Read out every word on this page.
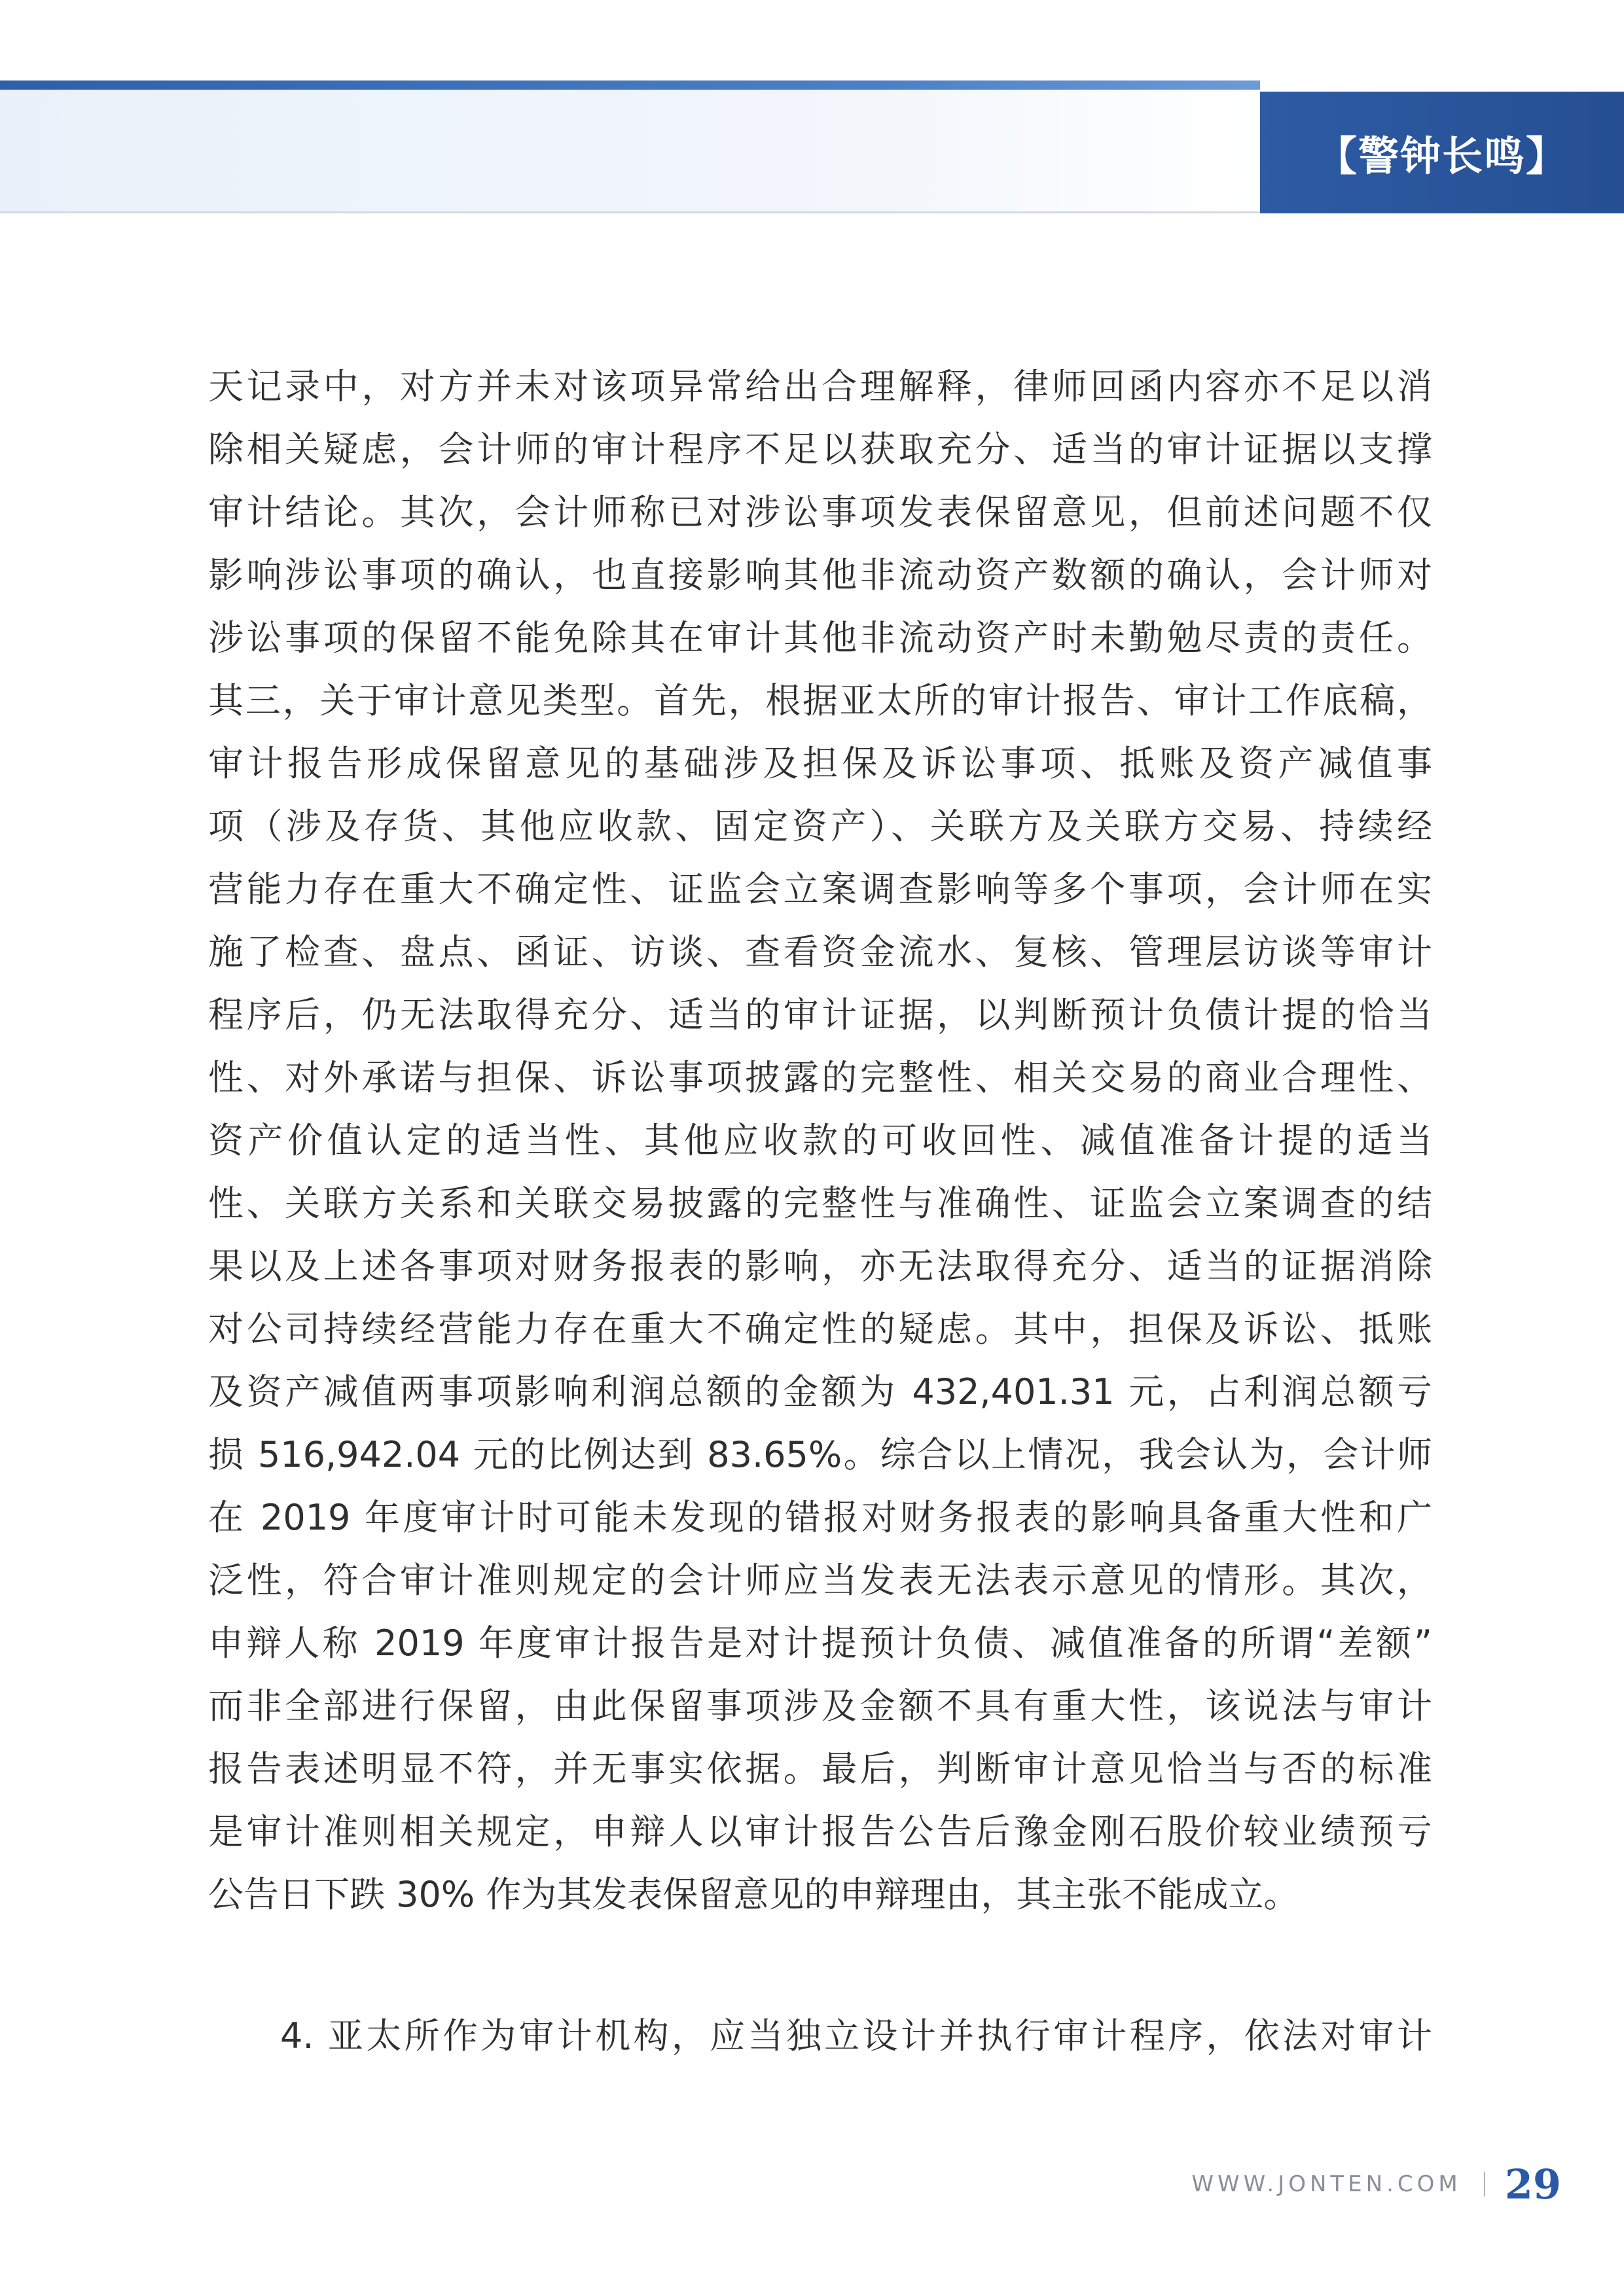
【警钟长鸣】
天记录中，对方并未对该项异常给出合理解释，律师回函内容亦不足以消
除相关疑虑，会计师的审计程序不足以获取充分、适当的审计证据以支撑
审计结论。其次，会计师称已对涉讼事项发表保留意见，但前述问题不仅
影响涉讼事项的确认，也直接影响其他非流动资产数额的确认，会计师对
涉讼事项的保留不能免除其在审计其他非流动资产时未勤勉尽责的责任。
其三，关于审计意见类型。首先，根据亚太所的审计报告、审计工作底稿，
审计报告形成保留意见的基础涉及担保及诉讼事项、抵账及资产减值事
项（涉及存货、其他应收款、固定资产）、关联方及关联方交易、持续经
营能力存在重大不确定性、证监会立案调查影响等多个事项，会计师在实
施了检查、盘点、函证、访谈、查看资金流水、复核、管理层访谈等审计
程序后，仍无法取得充分、适当的审计证据，以判断预计负债计提的恰当
性、对外承诺与担保、诉讼事项披露的完整性、相关交易的商业合理性、
资产价值认定的适当性、其他应收款的可收回性、减值准备计提的适当
性、关联方关系和关联交易披露的完整性与准确性、证监会立案调查的结
果以及上述各事项对财务报表的影响，亦无法取得充分、适当的证据消除
对公司持续经营能力存在重大不确定性的疑虑。其中，担保及诉讼、抵账
及资产减值两事项影响利润总额的金额为 432,401.31 元，占利润总额亏
损 516,942.04 元的比例达到 83.65%。综合以上情况，我会认为，会计师
在 2019 年度审计时可能未发现的错报对财务报表的影响具备重大性和广
泛性，符合审计准则规定的会计师应当发表无法表示意见的情形。其次，
申辩人称 2019 年度审计报告是对计提预计负债、减值准备的所谓“差额”
而非全部进行保留，由此保留事项涉及金额不具有重大性，该说法与审计
报告表述明显不符，并无事实依据。最后，判断审计意见恰当与否的标准
是审计准则相关规定，申辩人以审计报告公告后豫金刚石股价较业绩预亏
公告日下跌 30% 作为其发表保留意见的申辩理由，其主张不能成立。
4. 亚太所作为审计机构，应当独立设计并执行审计程序，依法对审计
WWW.JONTEN.COM 29
